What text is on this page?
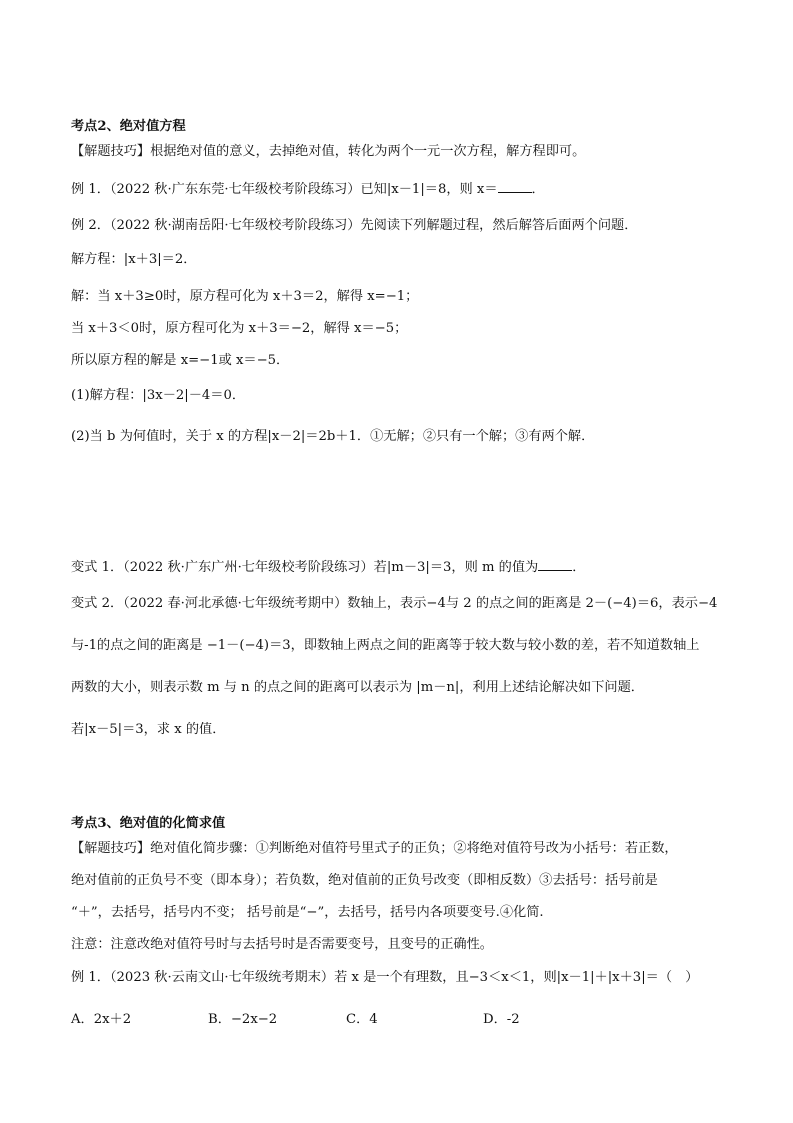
考点2、绝对值方程
【解题技巧】根据绝对值的意义，去掉绝对值，转化为两个一元一次方程，解方程即可。
例 1．（2022 秋·广东东莞·七年级校考阶段练习）已知|x－1|＝8，则 x＝	．
例 2．（2022 秋·湖南岳阳·七年级校考阶段练习）先阅读下列解题过程，然后解答后面两个问题．
解方程：|x＋3|＝2．
解：当 x＋3≥0时，原方程可化为 x＋3＝2，解得 x=−1；
当 x＋3＜0时，原方程可化为 x＋3＝−2，解得 x＝−5；
所以原方程的解是 x=−1或 x＝−5．
(1)解方程：|3x－2|－4＝0．
(2)当 b 为何值时，关于 x 的方程|x－2|＝2b＋1．①无解；②只有一个解；③有两个解．
变式 1．（2022 秋·广东广州·七年级校考阶段练习）若|m－3|＝3，则 m 的值为	．
变式 2．（2022 春·河北承德·七年级统考期中）数轴上，表示−4与 2 的点之间的距离是 2－(−4)＝6，表示−4
与-1的点之间的距离是 −1－(−4)＝3，即数轴上两点之间的距离等于较大数与较小数的差，若不知道数轴上
两数的大小，则表示数 m 与 n 的点之间的距离可以表示为 |m－n|，利用上述结论解决如下问题．
若|x－5|＝3，求 x 的值．
考点3、绝对值的化简求值
【解题技巧】绝对值化简步骤：①判断绝对值符号里式子的正负；②将绝对值符号改为小括号：若正数，
绝对值前的正负号不变（即本身）；若负数，绝对值前的正负号改变（即相反数）③去括号：括号前是
“＋”，去括号，括号内不变； 括号前是“−”，去括号，括号内各项要变号.④化简.
注意：注意改绝对值符号时与去括号时是否需要变号，且变号的正确性。
例 1．（2023 秋·云南文山·七年级统考期末）若 x 是一个有理数，且−3＜x＜1，则|x－1|＋|x＋3|＝（　）
A．2x＋2	B．−2x−2	C．4	D．-2
